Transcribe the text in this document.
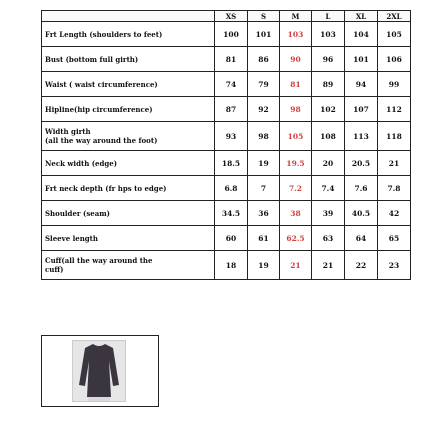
	XS	S	M	L	XL	2XL

Frt Length (shoulders to feet)	100	101	103	103	104	105

Bust (bottom full girth)	81	86	90	96	101	106

Waist ( waist circumference)	74	79	81	89	94	99

Hipline(hip circumference)	87	92	98	102	107	112

Width girth
(all the way around the foot)	93	98	105	108	113	118

Neck width (edge)	18.5	19	19.5	20	20.5	21

Frt neck depth (fr hps to edge)	6.8	7	7.2	7.4	7.6	7.8

Shoulder (seam)	34.5	36	38	39	40.5	42

Sleeve length	60	61	62.5	63	64	65

Cuff(all the way around the
cuff)	18	19	21	21	22	23
